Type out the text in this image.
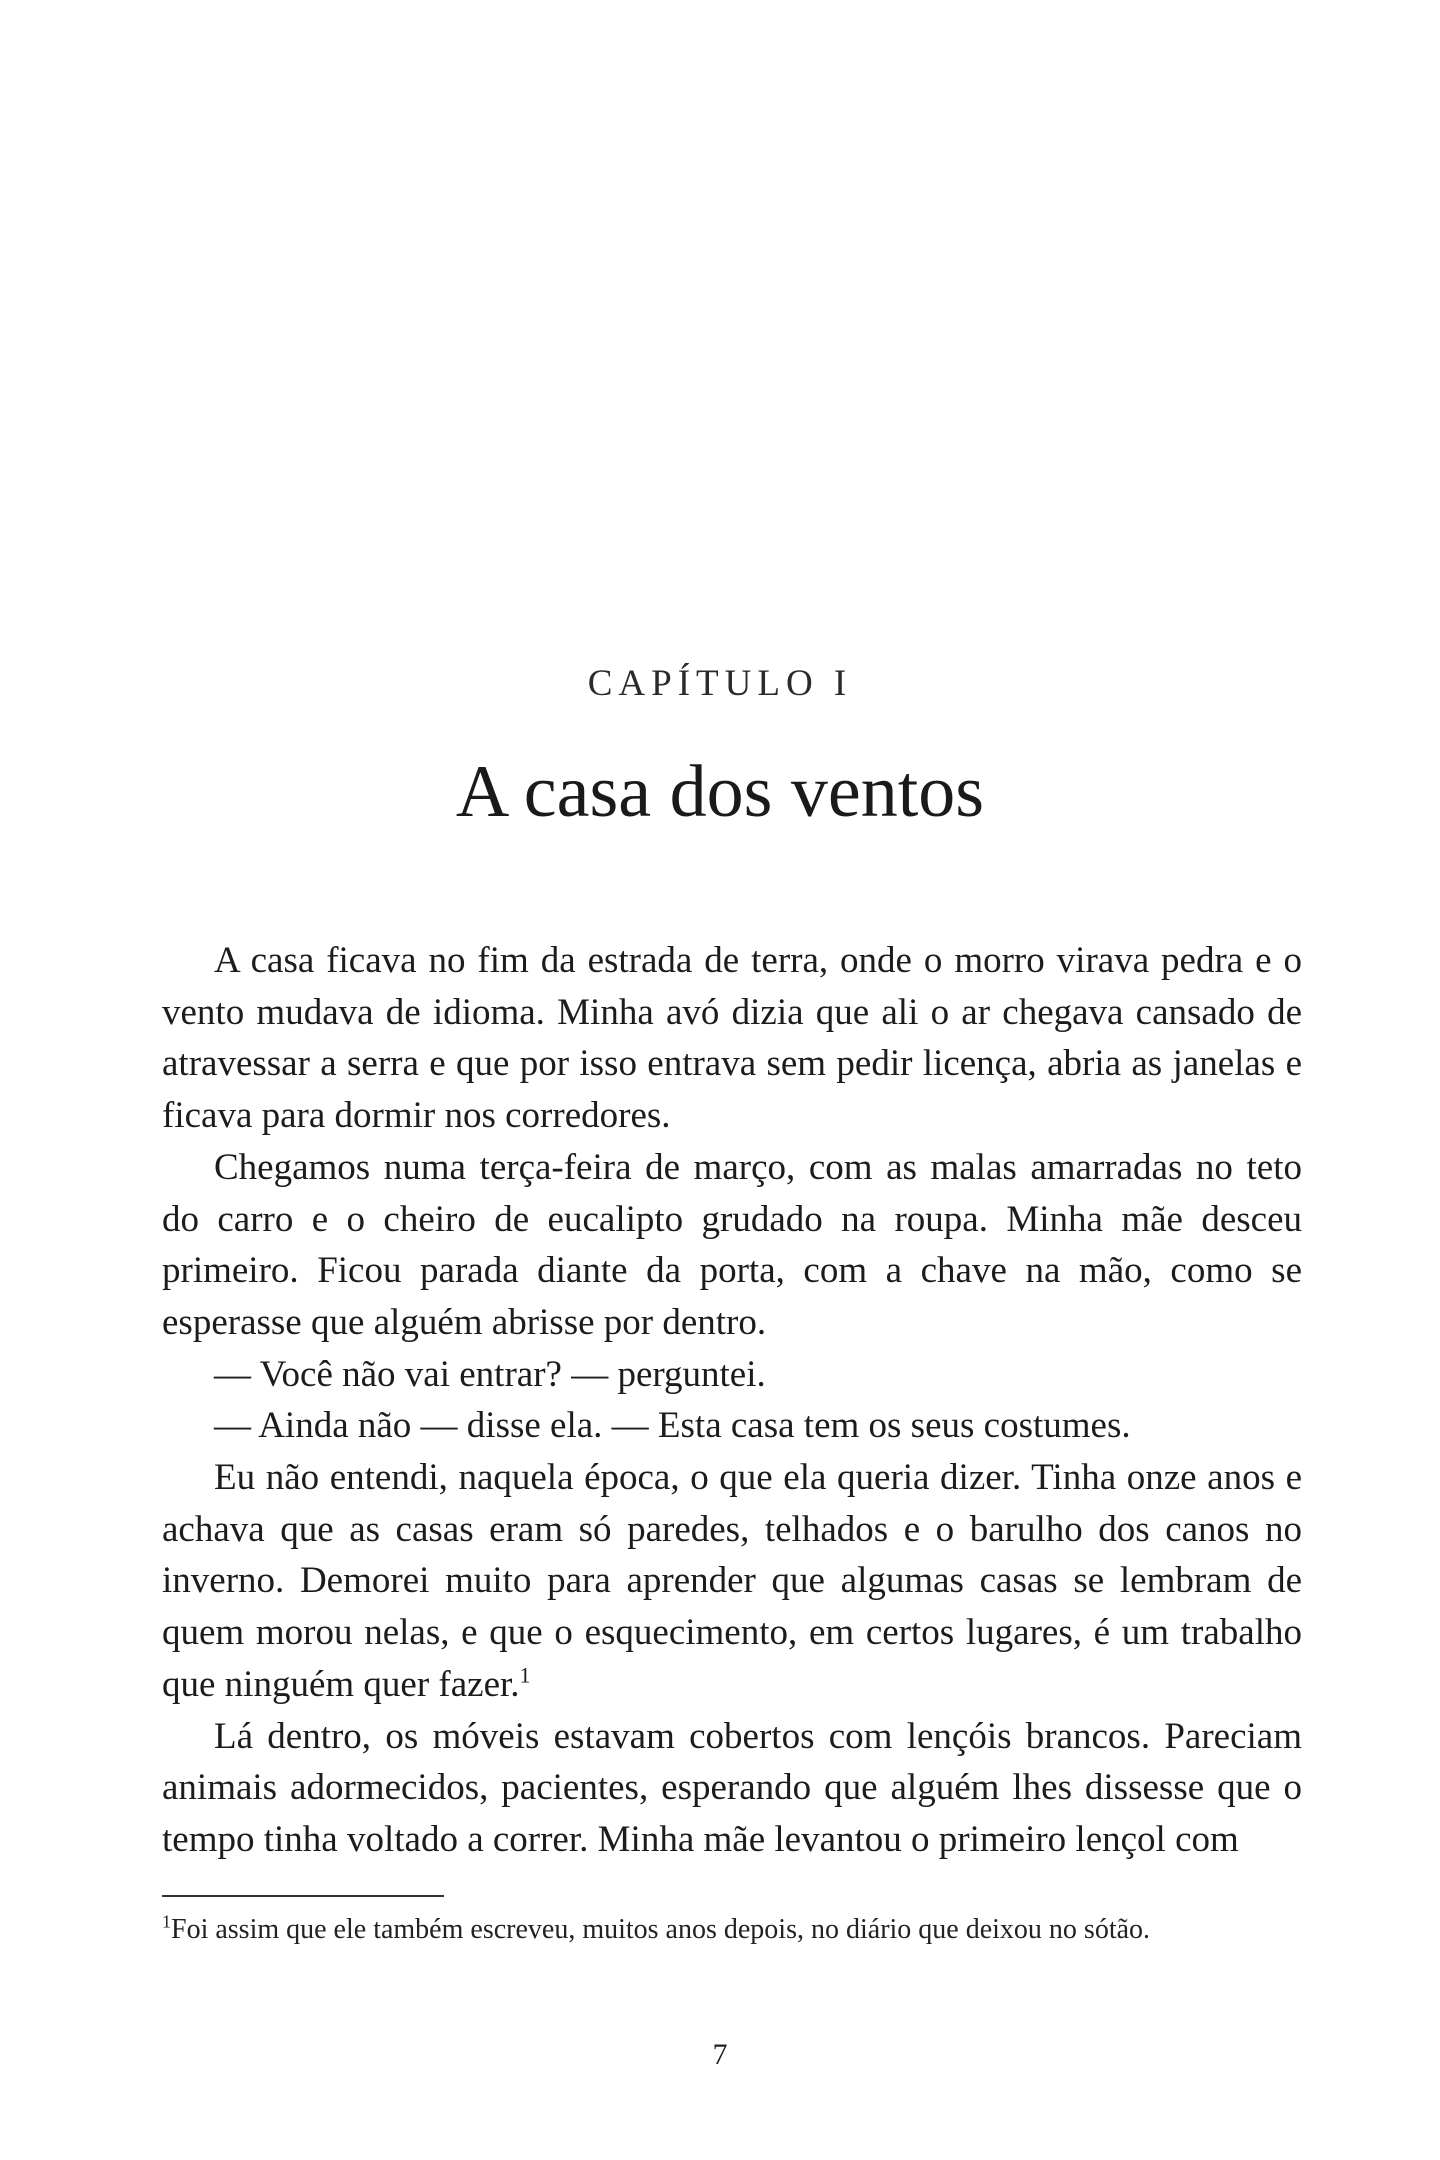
CAPÍTULO I
A casa dos ventos

A casa ficava no fim da estrada de terra, onde o morro virava pedra e o vento mudava de idioma. Minha avó dizia que ali o ar chegava cansado de atravessar a serra e que por isso entrava sem pedir licença, abria as janelas e ficava para dormir nos corredores.

Chegamos numa terça-feira de março, com as malas amarradas no teto do carro e o cheiro de eucalipto grudado na roupa. Minha mãe desceu primeiro. Ficou parada diante da porta, com a chave na mão, como se esperasse que alguém abrisse por dentro.

— Você não vai entrar? — perguntei.

— Ainda não — disse ela. — Esta casa tem os seus costumes.

Eu não entendi, naquela época, o que ela queria dizer. Tinha onze anos e achava que as casas eram só paredes, telhados e o barulho dos canos no inverno. Demorei muito para aprender que algumas casas se lembram de quem morou nelas, e que o esquecimento, em certos lugares, é um trabalho que ninguém quer fazer.$^1$

Lá dentro, os móveis estavam cobertos com lençóis brancos. Pareciam animais adormecidos, pacientes, esperando que alguém lhes dissesse que o tempo tinha voltado a correr. Minha mãe levantou o primeiro lençol com

$^1$Foi assim que ele também escreveu, muitos anos depois, no diário que deixou no sótão.
7
